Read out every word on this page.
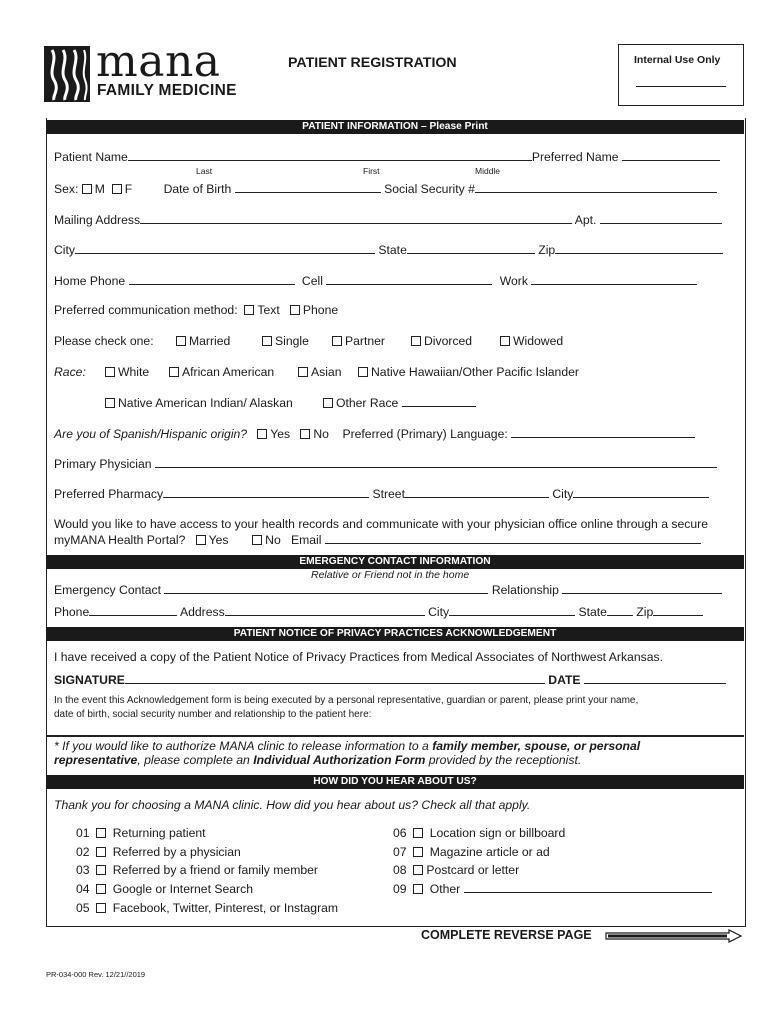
mana
FAMILY MEDICINE
PATIENT REGISTRATION	Internal Use Only
PATIENT INFORMATION – Please Print
Patient Name	Preferred Name
Last	First	Middle
Sex: M F	Date of Birth	Social Security #
Mailing Address	Apt.
City	State	Zip
Home Phone	Cell	Work
Preferred communication method: Text Phone
Please check one:	Married	Single	Partner	Divorced	Widowed
Race:	White	African American	Asian Native Hawaiian/Other Pacific Islander
Native American Indian/ Alaskan	Other Race
Are you of Spanish/Hispanic origin? Yes No Preferred (Primary) Language:
Primary Physician
Preferred Pharmacy	Street	City
Would you like to have access to your health records and communicate with your physician office online through a secure
myMANA Health Portal? Yes	No Email
EMERGENCY CONTACT INFORMATION
Relative or Friend not in the home
Emergency Contact	Relationship
Phone	Address	City	State Zip
PATIENT NOTICE OF PRIVACY PRACTICES ACKNOWLEDGEMENT
I have received a copy of the Patient Notice of Privacy Practices from Medical Associates of Northwest Arkansas.
SIGNATURE	DATE
In the event this Acknowledgement form is being executed by a personal representative, guardian or parent, please print your name,
date of birth, social security number and relationship to the patient here:
* If you would like to authorize MANA clinic to release information to a family member, spouse, or personal
representative, please complete an Individual Authorization Form provided by the receptionist.
HOW DID YOU HEAR ABOUT US?
Thank you for choosing a MANA clinic. How did you hear about us? Check all that apply.
01 Returning patient
02 Referred by a physician
03 Referred by a friend or family member
04 Google or Internet Search
05 Facebook, Twitter, Pinterest, or Instagram
06 Location sign or billboard
07 Magazine article or ad
08 Postcard or letter
09 Other
COMPLETE REVERSE PAGE
PR-034-000 Rev. 12/21//2019
